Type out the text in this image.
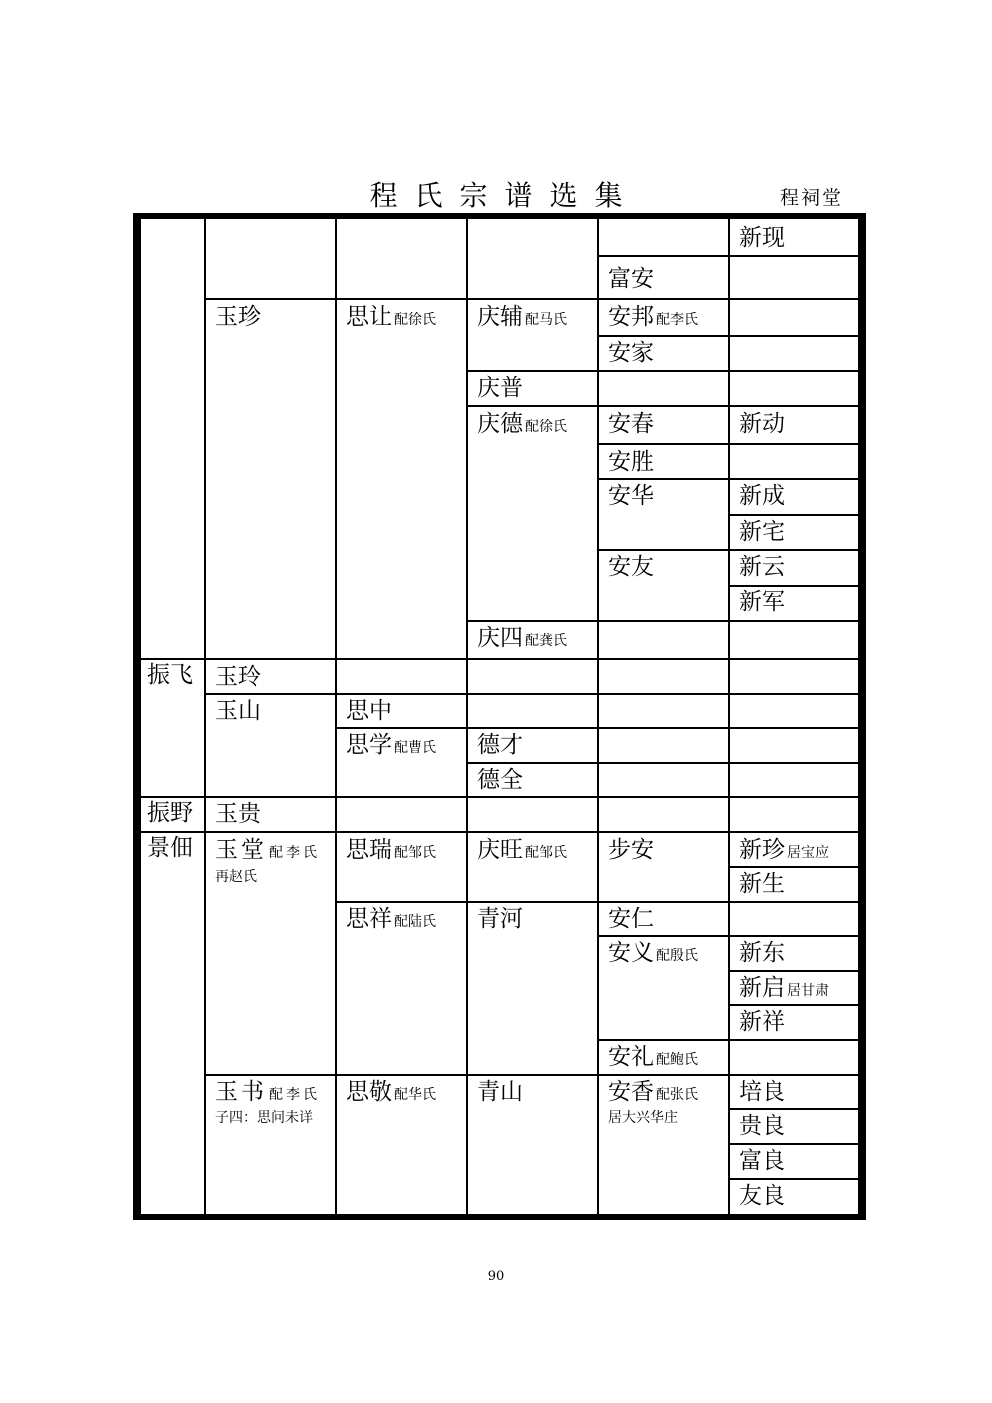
程氏宗谱选集	程祠堂
振飞
振野
景佃
玉珍
玉玲
玉山
玉贵
玉堂 配李氏
再赵氏
玉书 配李氏
子四：思问未详
思让 配徐氏
思中
思学 配曹氏
思瑞 配邹氏
思祥 配陆氏
思敬 配华氏
庆辅 配马氏
庆普
庆德 配徐氏
庆四 配龚氏
德才
德全
庆旺 配邹氏
青河
青山
富安
安邦 配李氏
安家
安春
安胜
安华
安友
步安
安仁
安义 配殷氏
安礼 配鲍氏
安香 配张氏
居大兴华庄
新现
新动
新成
新宅
新云
新军
新珍 居宝应
新生
新东
新启 居甘肃
新祥
培良
贵良
富良
友良
90
